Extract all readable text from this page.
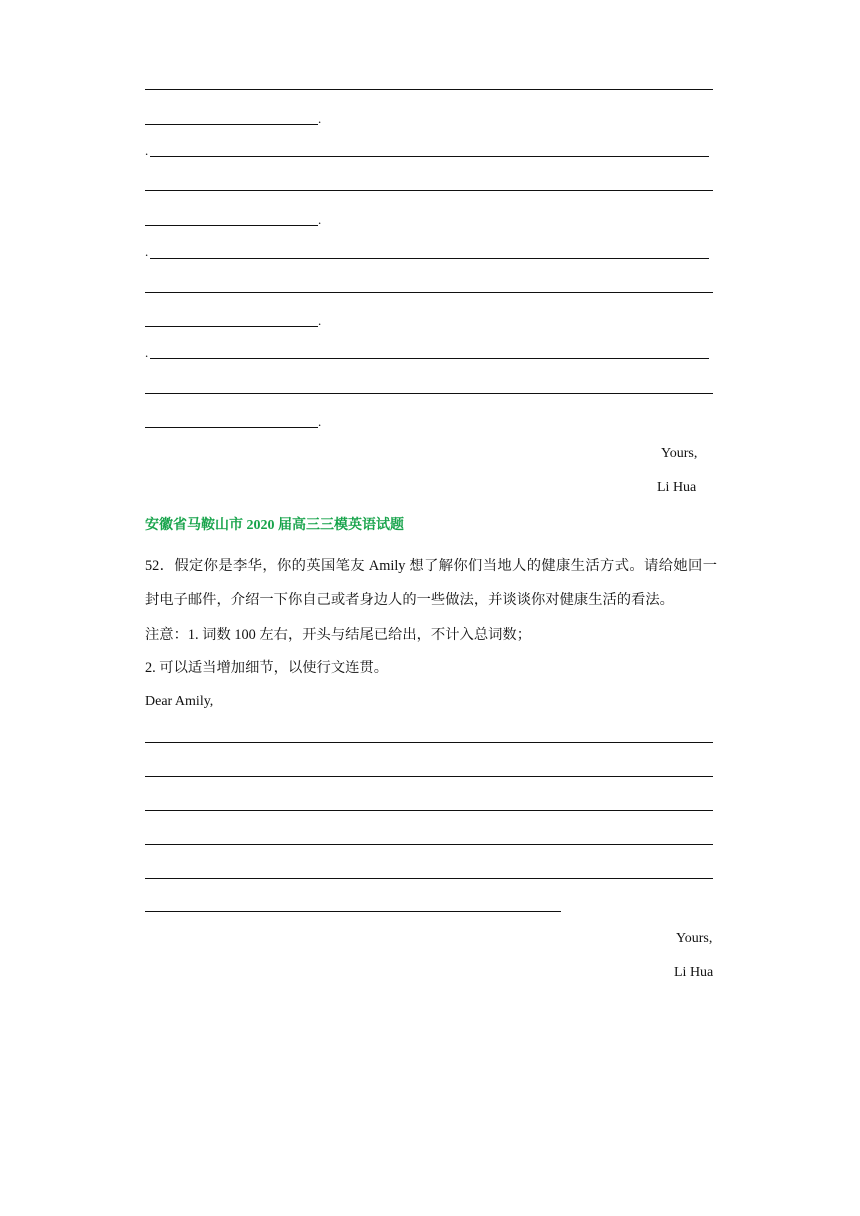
.
.
.
.
.
.
.
Yours,
Li Hua
安徽省马鞍山市 2020 届高三三模英语试题
52．假定你是李华，你的英国笔友 Amily 想了解你们当地人的健康生活方式。请给她回一封电子邮件，介绍一下你自己或者身边人的一些做法，并谈谈你对健康生活的看法。
注意：1. 词数 100 左右，开头与结尾已给出，不计入总词数；
2. 可以适当增加细节，以使行文连贯。
Dear Amily,
Yours,
Li Hua
